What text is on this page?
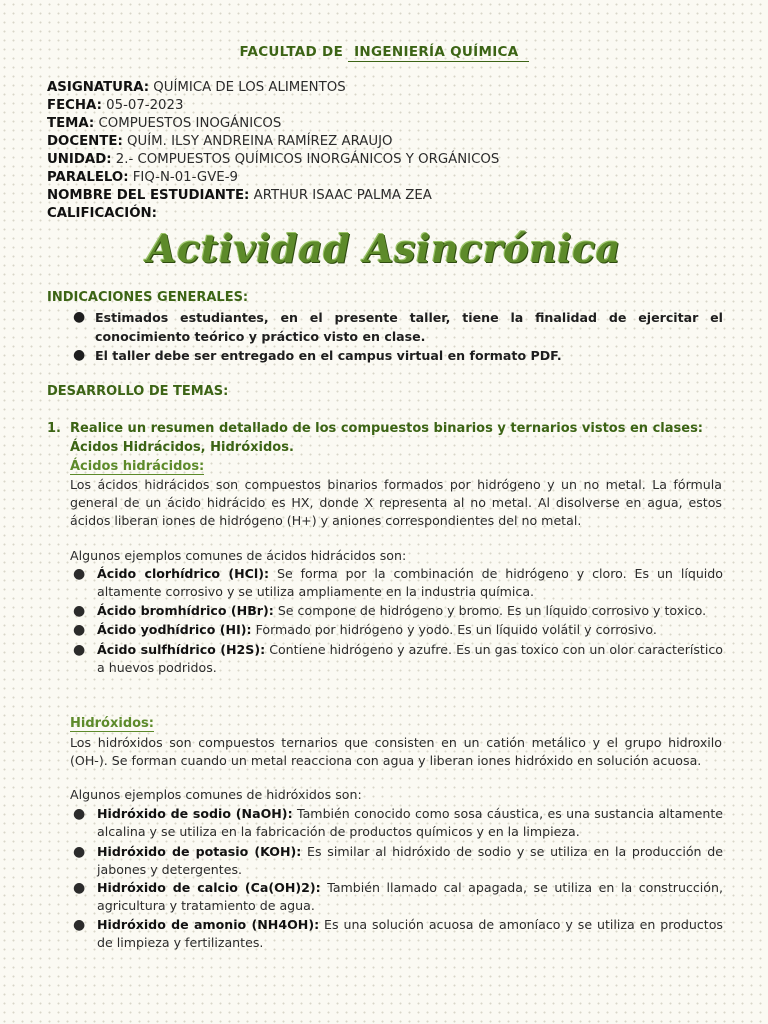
FACULTAD DE INGENIERÍA QUÍMICA
ASIGNATURA: QUÍMICA DE LOS ALIMENTOS
FECHA: 05-07-2023
TEMA: COMPUESTOS INOGÁNICOS
DOCENTE: QUÍM. ILSY ANDREINA RAMÍREZ ARAUJO
UNIDAD: 2.- COMPUESTOS QUÍMICOS INORGÁNICOS Y ORGÁNICOS
PARALELO: FIQ-N-01-GVE-9
NOMBRE DEL ESTUDIANTE: ARTHUR ISAAC PALMA ZEA
CALIFICACIÓN:
Actividad Asincrónica
INDICACIONES GENERALES:
● Estimados estudiantes, en el presente taller, tiene la finalidad de ejercitar el conocimiento teórico y práctico visto en clase.
● El taller debe ser entregado en el campus virtual en formato PDF.
DESARROLLO DE TEMAS:
1. Realice un resumen detallado de los compuestos binarios y ternarios vistos en clases: Ácidos Hidrácidos, Hidróxidos.
Ácidos hidrácidos:
Los ácidos hidrácidos son compuestos binarios formados por hidrógeno y un no metal. La fórmula general de un ácido hidrácido es HX, donde X representa al no metal. Al disolverse en agua, estos ácidos liberan iones de hidrógeno (H+) y aniones correspondientes del no metal.
Algunos ejemplos comunes de ácidos hidrácidos son:
● Ácido clorhídrico (HCl): Se forma por la combinación de hidrógeno y cloro. Es un líquido altamente corrosivo y se utiliza ampliamente en la industria química.
● Ácido bromhídrico (HBr): Se compone de hidrógeno y bromo. Es un líquido corrosivo y toxico.
● Ácido yodhídrico (HI): Formado por hidrógeno y yodo. Es un líquido volátil y corrosivo.
● Ácido sulfhídrico (H2S): Contiene hidrógeno y azufre. Es un gas toxico con un olor característico a huevos podridos.
Hidróxidos:
Los hidróxidos son compuestos ternarios que consisten en un catión metálico y el grupo hidroxilo (OH-). Se forman cuando un metal reacciona con agua y liberan iones hidróxido en solución acuosa.
Algunos ejemplos comunes de hidróxidos son:
● Hidróxido de sodio (NaOH): También conocido como sosa cáustica, es una sustancia altamente alcalina y se utiliza en la fabricación de productos químicos y en la limpieza.
● Hidróxido de potasio (KOH): Es similar al hidróxido de sodio y se utiliza en la producción de jabones y detergentes.
● Hidróxido de calcio (Ca(OH)2): También llamado cal apagada, se utiliza en la construcción, agricultura y tratamiento de agua.
● Hidróxido de amonio (NH4OH): Es una solución acuosa de amoníaco y se utiliza en productos de limpieza y fertilizantes.
